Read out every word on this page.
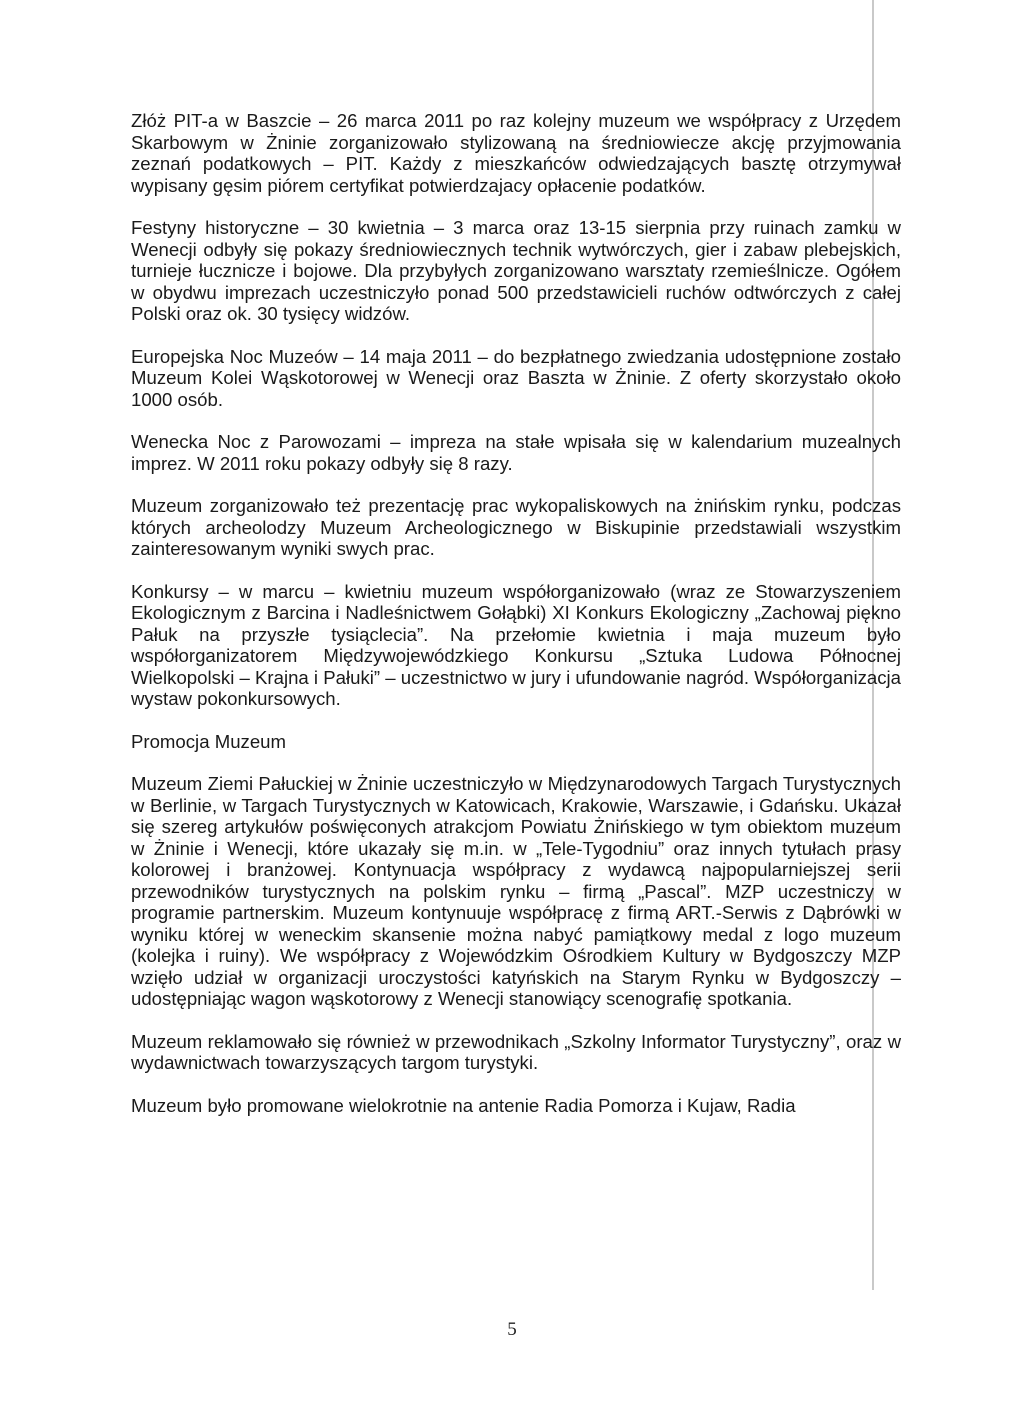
Złóż PIT-a w Baszcie – 26 marca 2011 po raz kolejny muzeum we współpracy z Urzędem Skarbowym w Żninie zorganizowało stylizowaną na średniowiecze akcję przyjmowania zeznań podatkowych – PIT. Każdy z mieszkańców odwiedzających basztę otrzymywał wypisany gęsim piórem certyfikat potwierdzajacy opłacenie podatków.

Festyny historyczne – 30 kwietnia – 3 marca oraz 13-15 sierpnia przy ruinach zamku w Wenecji odbyły się pokazy średniowiecznych technik wytwórczych, gier i zabaw plebejskich, turnieje łucznicze i bojowe. Dla przybyłych zorganizowano warsztaty rzemieślnicze. Ogółem w obydwu imprezach uczestniczyło ponad 500 przedstawicieli ruchów odtwórczych z całej Polski oraz ok. 30 tysięcy widzów.

Europejska Noc Muzeów – 14 maja 2011 – do bezpłatnego zwiedzania udostępnione zostało Muzeum Kolei Wąskotorowej w Wenecji oraz Baszta w Żninie. Z oferty skorzystało około 1000 osób.

Wenecka Noc z Parowozami – impreza na stałe wpisała się w kalendarium muzealnych imprez. W 2011 roku pokazy odbyły się 8 razy.

Muzeum zorganizowało też prezentację prac wykopaliskowych na żnińskim rynku, podczas których archeolodzy Muzeum Archeologicznego w Biskupinie przedstawiali wszystkim zainteresowanym wyniki swych prac.

Konkursy – w marcu – kwietniu muzeum współorganizowało (wraz ze Stowarzyszeniem Ekologicznym z Barcina i Nadleśnictwem Gołąbki) XI Konkurs Ekologiczny „Zachowaj piękno Pałuk na przyszłe tysiąclecia”. Na przełomie kwietnia i maja muzeum było współorganizatorem Międzywojewódzkiego Konkursu „Sztuka Ludowa Północnej Wielkopolski – Krajna i Pałuki” – uczestnictwo w jury i ufundowanie nagród. Współorganizacja wystaw pokonkursowych.

Promocja Muzeum

Muzeum Ziemi Pałuckiej w Żninie uczestniczyło w Międzynarodowych Targach Turystycznych w Berlinie, w Targach Turystycznych w Katowicach, Krakowie, Warszawie, i Gdańsku. Ukazał się szereg artykułów poświęconych atrakcjom Powiatu Żnińskiego w tym obiektom muzeum w Żninie i Wenecji, które ukazały się m.in. w „Tele-Tygodniu” oraz innych tytułach prasy kolorowej i branżowej. Kontynuacja współpracy z wydawcą najpopularniejszej serii przewodników turystycznych na polskim rynku – firmą „Pascal”. MZP uczestniczy w programie partnerskim. Muzeum kontynuuje współpracę z firmą ART.-Serwis z Dąbrówki w wyniku której w weneckim skansenie można nabyć pamiątkowy medal z logo muzeum (kolejka i ruiny). We współpracy z Wojewódzkim Ośrodkiem Kultury w Bydgoszczy MZP wzięło udział w organizacji uroczystości katyńskich na Starym Rynku w Bydgoszczy – udostępniając wagon wąskotorowy z Wenecji stanowiący scenografię spotkania.

Muzeum reklamowało się również w przewodnikach „Szkolny Informator Turystyczny”, oraz w wydawnictwach towarzyszących targom turystyki.

Muzeum było promowane wielokrotnie na antenie Radia Pomorza i Kujaw, Radia

5
